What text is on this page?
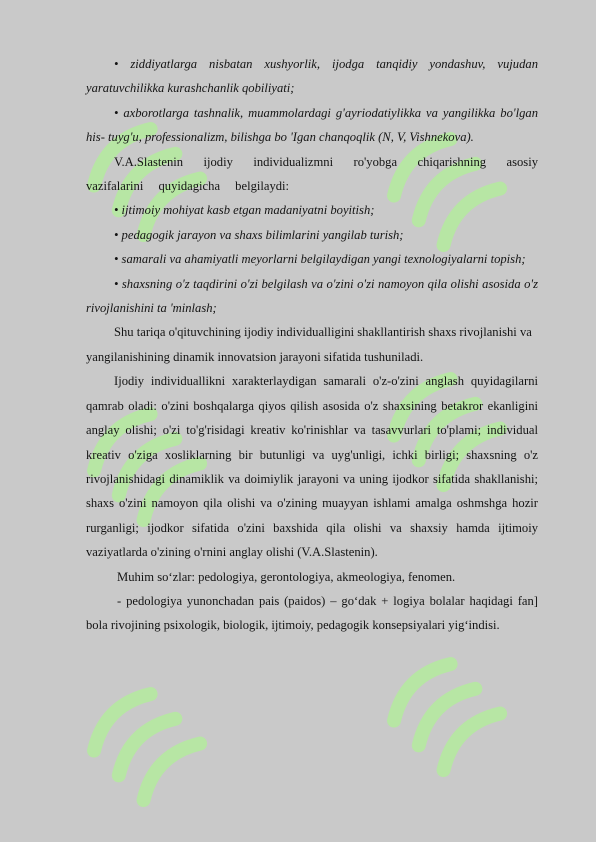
• ziddiyatlarga nisbatan xushyorlik, ijodga tanqidiy yondashuv, vujudan yaratuvchilikka kurashchanlik qobiliyati;

• axborotlarga tashnalik, muammolardagi g'ayriodatiylikka va yangilikka bo'lgan his- tuyg'u, professionalizm, bilishga bo 'Igan chanqoqlik (N, V, Vishnekova).

V.A.Slastenin ijodiy individualizmni ro'yobga chiqarishning asosiy vazifalarini quyidagicha belgilaydi:

• ijtimoiy mohiyat kasb etgan madaniyatni boyitish;

• pedagogik jarayon va shaxs bilimlarini yangilab turish;

• samarali va ahamiyatli meyorlarni belgilaydigan yangi texnologiyalarni topish;

• shaxsning o'z taqdirini o'zi belgilash va o'zini o'zi namoyon qila olishi asosida o'z rivojlanishini ta 'minlash;

Shu tariqa o'qituvchining ijodiy individualligini shakllantirish shaxs rivojlanishi va yangilanishining dinamik innovatsion jarayoni sifatida tushuniladi.

Ijodiy individuallikni xarakterlaydigan samarali o'z-o'zini anglash quyidagilarni qamrab oladi: o'zini boshqalarga qiyos qilish asosida o'z shaxsining betakror ekanligini anglay olishi; o'zi to'g'risidagi kreativ ko'rinishlar va tasavvurlari to'plami; individual kreativ o'ziga xosliklarning bir butunligi va uyg'unligi, ichki birligi; shaxsning o'z rivojlanishidagi dinamiklik va doimiylik jarayoni va uning ijodkor sifatida shakllanishi; shaxs o'zini namoyon qila olishi va o'zining muayyan ishlami amalga oshmshga hozir rurganligi; ijodkor sifatida o'zini baxshida qila olishi va shaxsiy hamda ijtimoiy vaziyatlarda o'zining o'rnini anglay olishi (V.A.Slastenin).

Muhim so‘zlar: pedologiya, gerontologiya, akmeologiya, fenomen.

- pedologiya yunonchadan pais (paidos) – go‘dak + logiya bolalar haqidagi fan] bola rivojining psixologik, biologik, ijtimoiy, pedagogik konsepsiyalari yig‘indisi.
